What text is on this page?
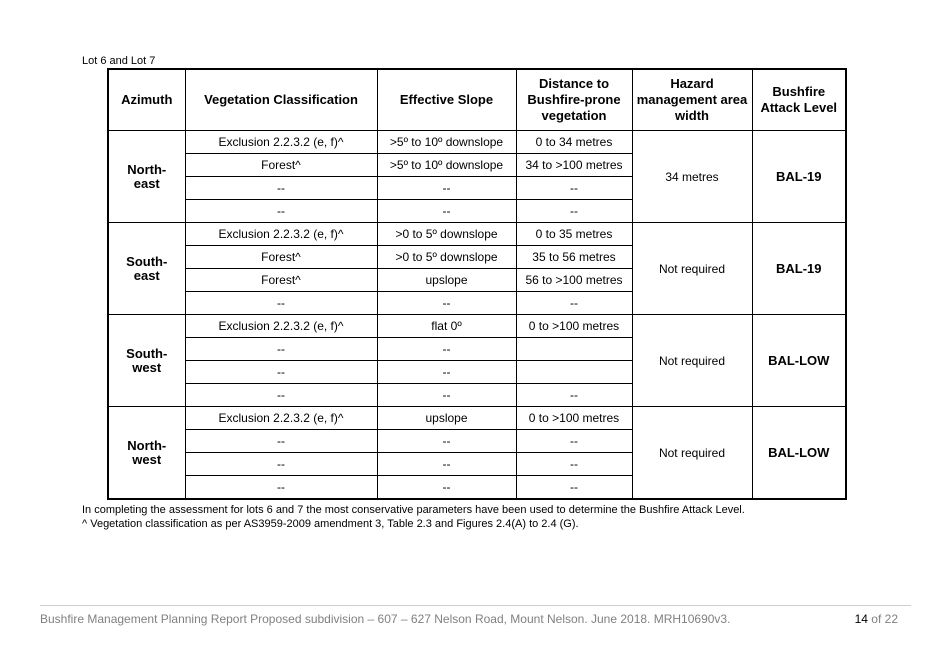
Lot 6 and Lot 7
Azimuth	Vegetation Classification	Effective Slope	Distance to Bushfire-prone vegetation	Hazard management area width	Bushfire Attack Level
North-
east	Exclusion 2.2.3.2 (e, f)^	>5º to 10º downslope	0 to 34 metres	34 metres	BAL-19
	Forest^	>5º to 10º downslope	34 to >100 metres		
	--	--	--		
	--	--	--		
South-
east	Exclusion 2.2.3.2 (e, f)^	>0 to 5º downslope	0 to 35 metres	Not required	BAL-19
	Forest^	>0 to 5º downslope	35 to 56 metres		
	Forest^	upslope	56 to >100 metres		
	--	--	--		
South-
west	Exclusion 2.2.3.2 (e, f)^	flat 0º	0 to >100 metres	Not required	BAL-LOW
	--	--			
	--	--			
	--	--	--		
North-
west	Exclusion 2.2.3.2 (e, f)^	upslope	0 to >100 metres	Not required	BAL-LOW
	--	--	--		
	--	--	--		
	--	--	--		
In completing the assessment for lots 6 and 7 the most conservative parameters have been used to determine the Bushfire Attack Level.
^ Vegetation classification as per AS3959-2009 amendment 3, Table 2.3 and Figures 2.4(A) to 2.4 (G).
Bushfire Management Planning Report Proposed subdivision – 607 – 627 Nelson Road, Mount Nelson. June 2018. MRH10690v3.	14 of 22
